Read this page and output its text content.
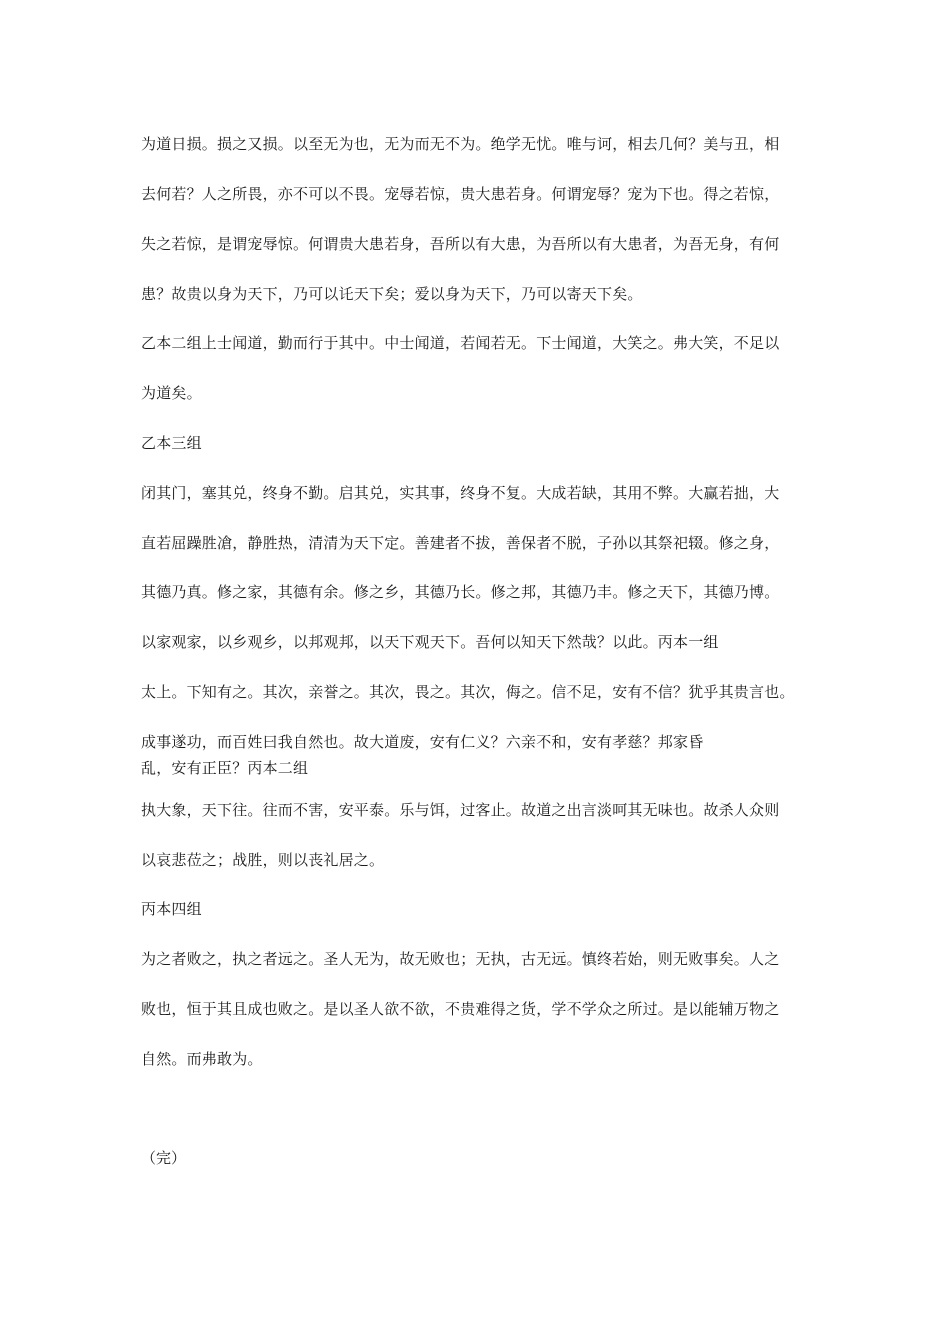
为道日损。损之又损。以至无为也，无为而无不为。绝学无忧。唯与诃，相去几何？美与丑，相
去何若？人之所畏，亦不可以不畏。宠辱若惊，贵大患若身。何谓宠辱？宠为下也。得之若惊，
失之若惊，是谓宠辱惊。何谓贵大患若身，吾所以有大患，为吾所以有大患者，为吾无身，有何
患？故贵以身为天下，乃可以讬天下矣；爱以身为天下，乃可以寄天下矣。
乙本二组上士闻道，勤而行于其中。中士闻道，若闻若无。下士闻道，大笑之。弗大笑，不足以
为道矣。
乙本三组
闭其门，塞其兑，终身不勤。启其兑，实其事，终身不复。大成若缺，其用不弊。大赢若拙，大
直若屈躁胜凔，静胜热，清清为天下定。善建者不拔，善保者不脱，子孙以其祭祀辍。修之身，
其德乃真。修之家，其德有余。修之乡，其德乃长。修之邦，其德乃丰。修之天下，其德乃博。
以家观家，以乡观乡，以邦观邦，以天下观天下。吾何以知天下然哉？以此。丙本一组
太上。下知有之。其次，亲誉之。其次，畏之。其次，侮之。信不足，安有不信？犹乎其贵言也。
成事遂功，而百姓曰我自然也。故大道废，安有仁义？六亲不和，安有孝慈？邦家昏
乱，安有正臣？丙本二组
执大象，天下往。往而不害，安平泰。乐与饵，过客止。故道之出言淡呵其无味也。故杀人众则
以哀悲莅之；战胜，则以丧礼居之。
丙本四组
为之者败之，执之者远之。圣人无为，故无败也；无执，古无远。慎终若始，则无败事矣。人之
败也，恒于其且成也败之。是以圣人欲不欲，不贵难得之货，学不学众之所过。是以能辅万物之
自然。而弗敢为。
（完）
